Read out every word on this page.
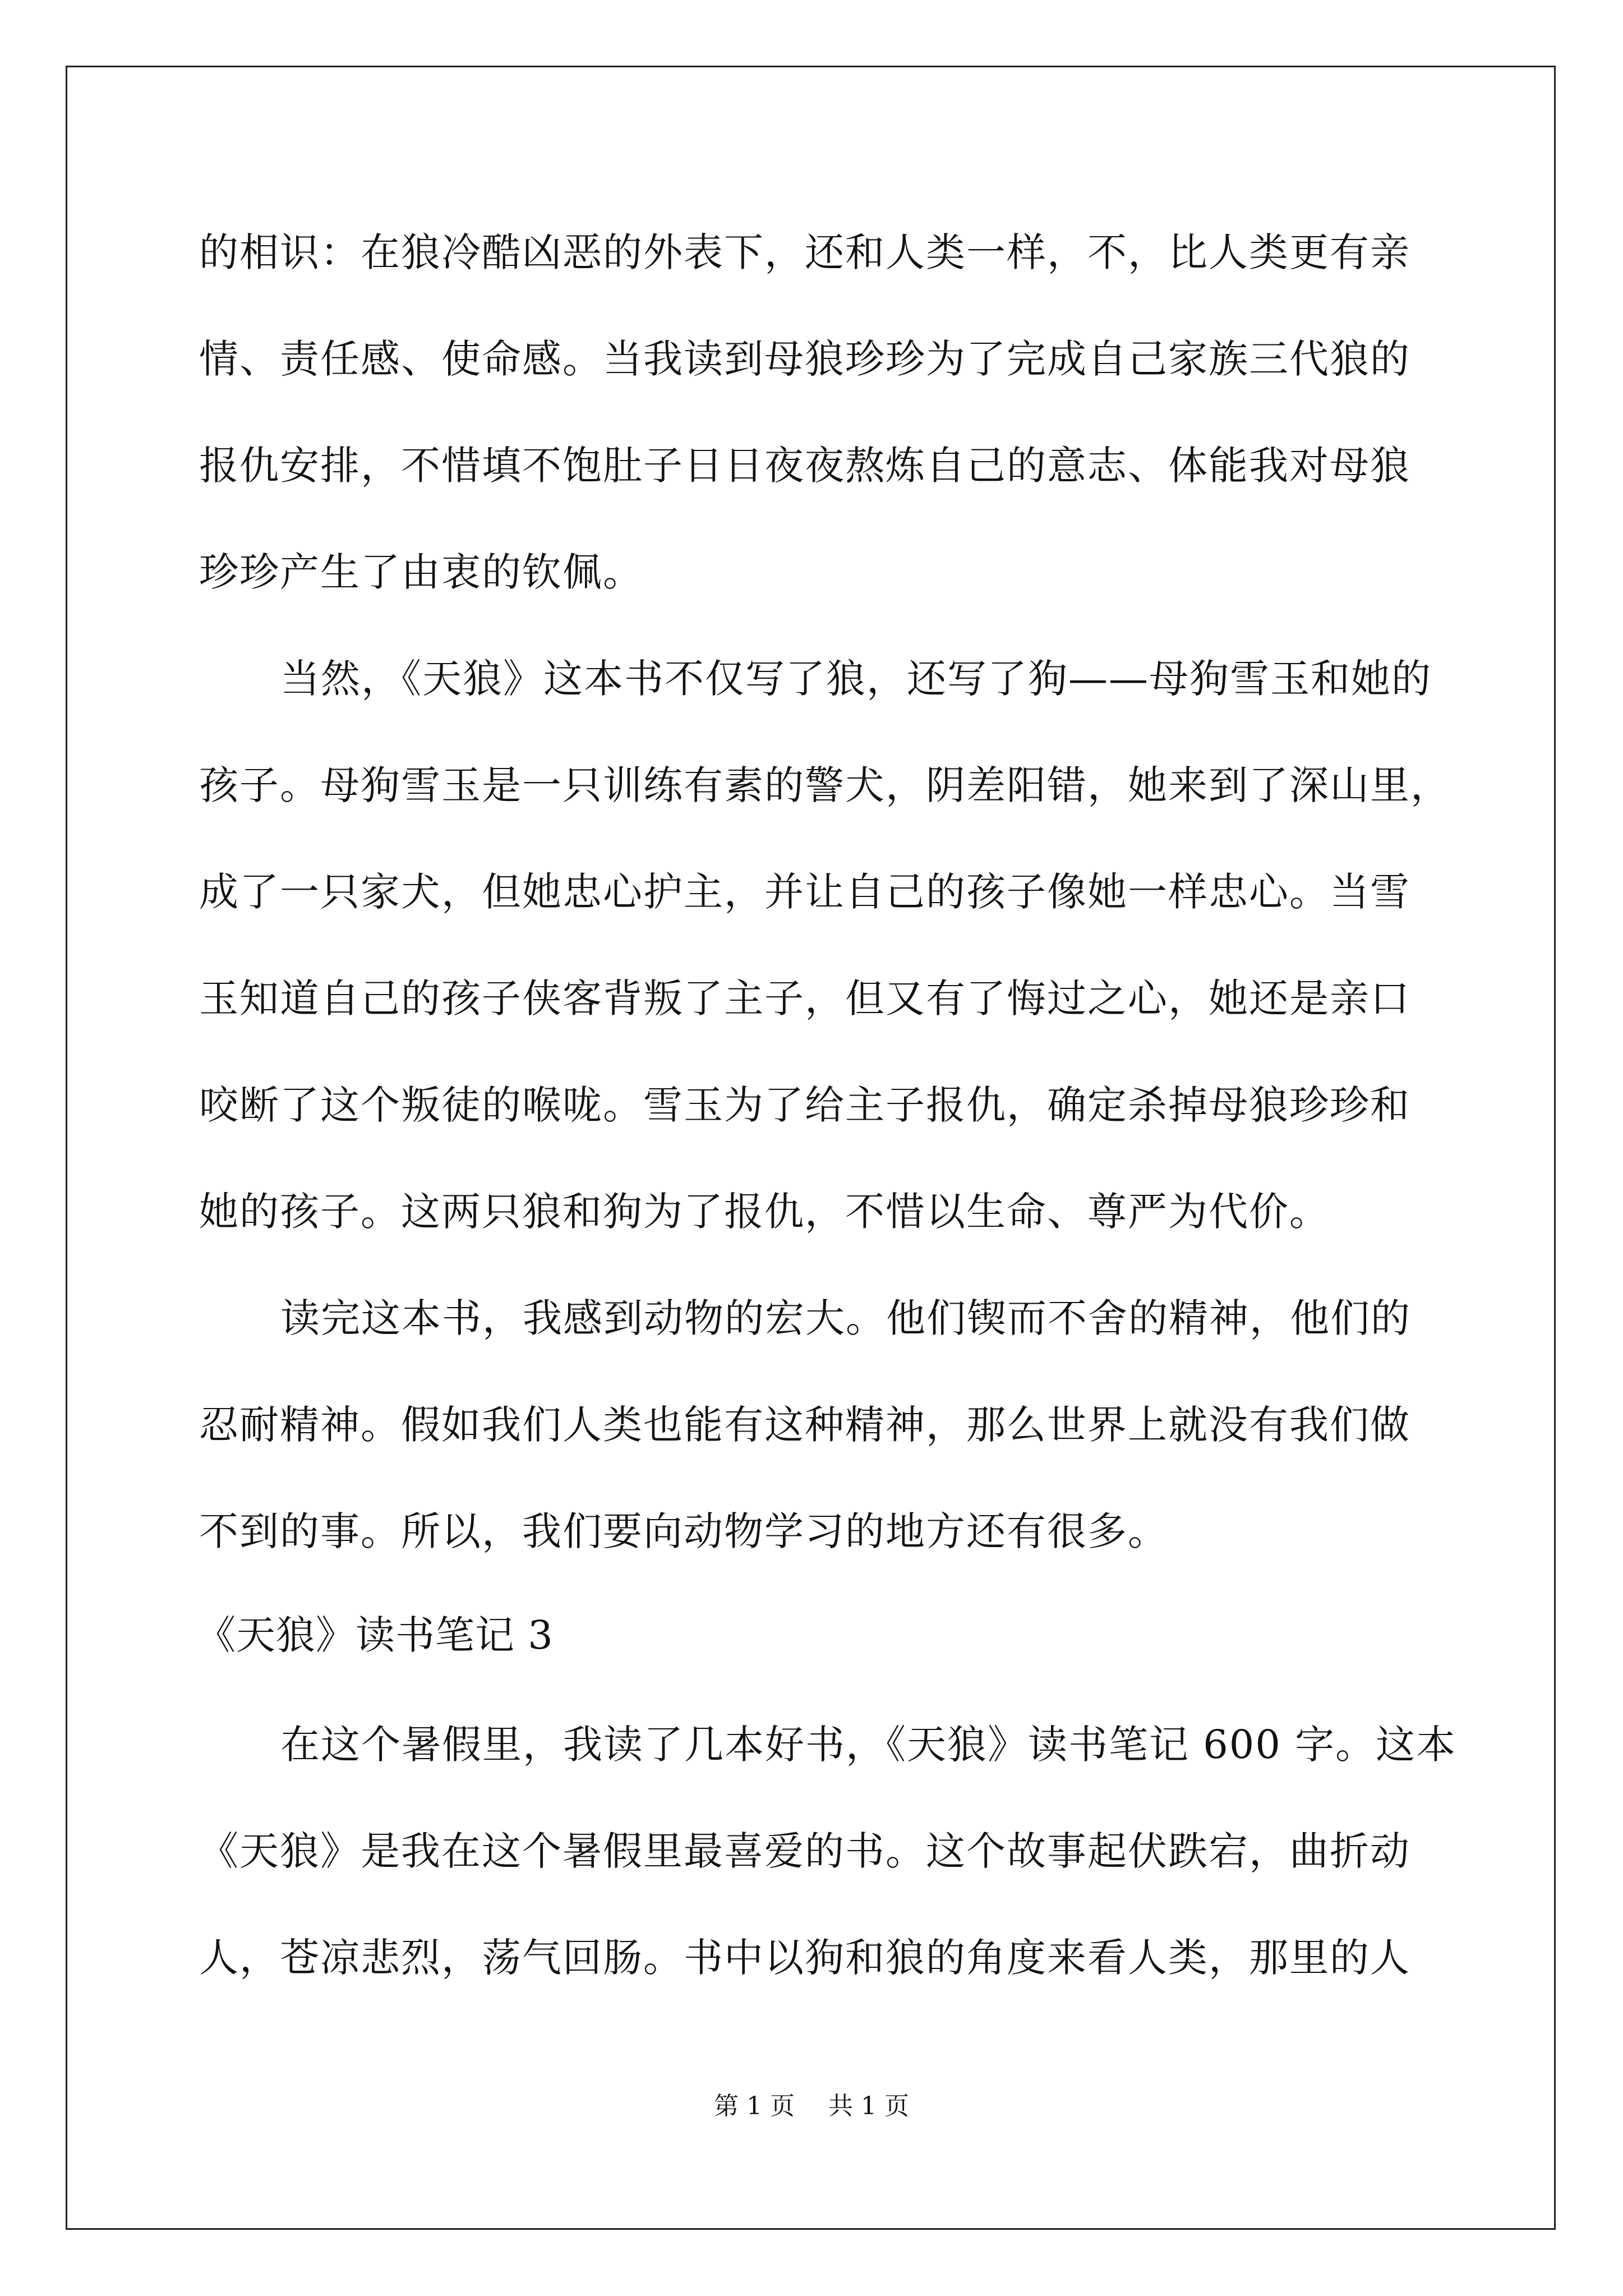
的相识：在狼冷酷凶恶的外表下，还和人类一样，不，比人类更有亲
情、责任感、使命感。当我读到母狼珍珍为了完成自己家族三代狼的
报仇安排，不惜填不饱肚子日日夜夜熬炼自己的意志、体能我对母狼
珍珍产生了由衷的钦佩。
当然，《天狼》这本书不仅写了狼，还写了狗——母狗雪玉和她的
孩子。母狗雪玉是一只训练有素的警犬，阴差阳错，她来到了深山里，
成了一只家犬，但她忠心护主，并让自己的孩子像她一样忠心。当雪
玉知道自己的孩子侠客背叛了主子，但又有了悔过之心，她还是亲口
咬断了这个叛徒的喉咙。雪玉为了给主子报仇，确定杀掉母狼珍珍和
她的孩子。这两只狼和狗为了报仇，不惜以生命、尊严为代价。
读完这本书，我感到动物的宏大。他们锲而不舍的精神，他们的
忍耐精神。假如我们人类也能有这种精神，那么世界上就没有我们做
不到的事。所以，我们要向动物学习的地方还有很多。
《天狼》读书笔记 3
在这个暑假里，我读了几本好书，《天狼》读书笔记 600 字。这本
《天狼》是我在这个暑假里最喜爱的书。这个故事起伏跌宕，曲折动
人，苍凉悲烈，荡气回肠。书中以狗和狼的角度来看人类，那里的人
第 1 页 共 1 页
